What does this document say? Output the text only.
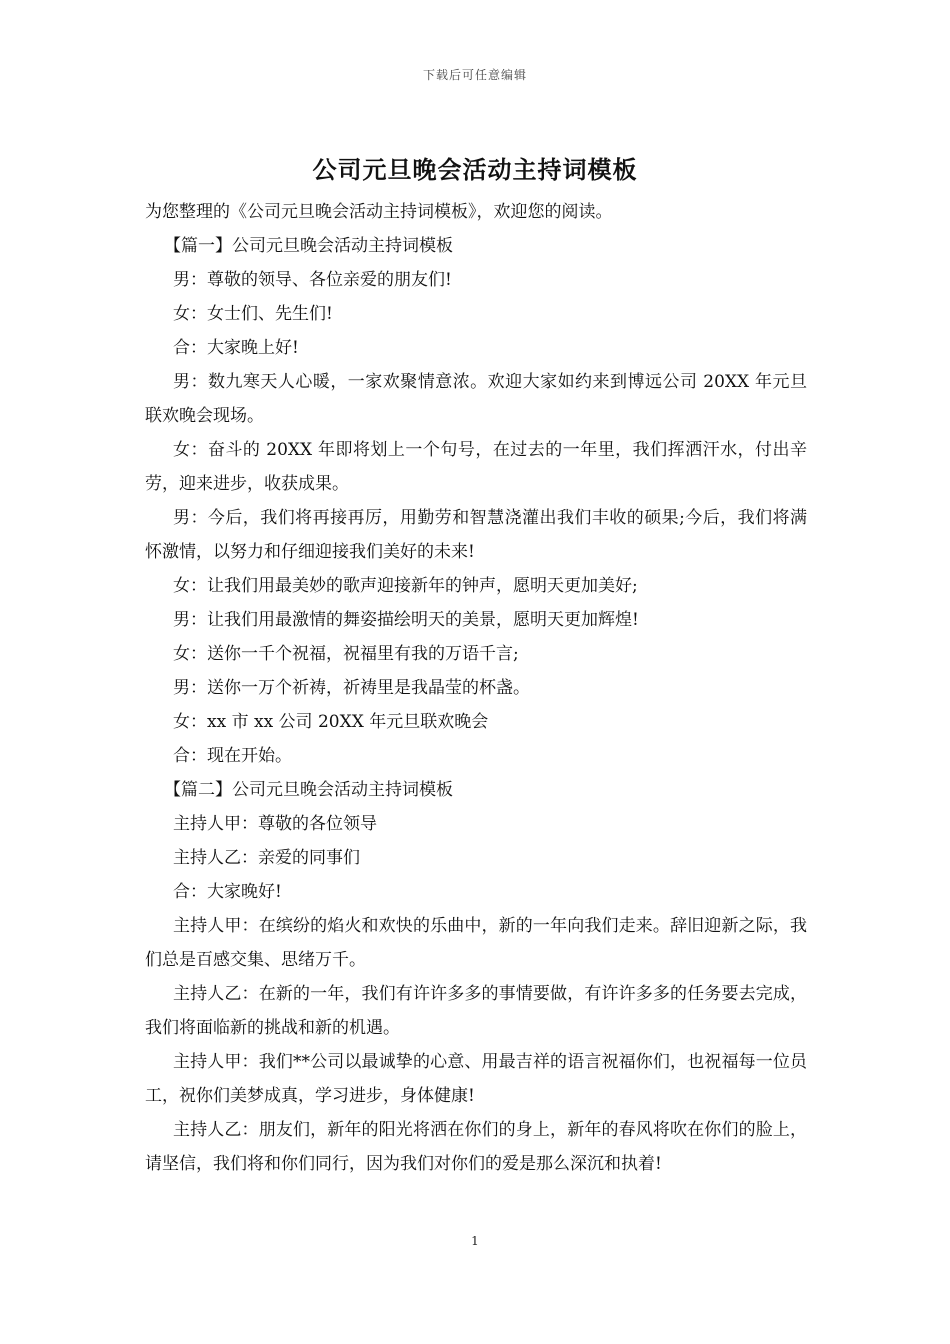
下载后可任意编辑
公司元旦晚会活动主持词模板

为您整理的《公司元旦晚会活动主持词模板》，欢迎您的阅读。

【篇一】公司元旦晚会活动主持词模板

男：尊敬的领导、各位亲爱的朋友们!

女：女士们、先生们!

合：大家晚上好!

男：数九寒天人心暖，一家欢聚情意浓。欢迎大家如约来到博远公司 20XX 年元旦联欢晚会现场。

女：奋斗的 20XX 年即将划上一个句号，在过去的一年里，我们挥洒汗水，付出辛劳，迎来进步，收获成果。

男：今后，我们将再接再厉，用勤劳和智慧浇灌出我们丰收的硕果;今后，我们将满怀激情，以努力和仔细迎接我们美好的未来!

女：让我们用最美妙的歌声迎接新年的钟声，愿明天更加美好;

男：让我们用最激情的舞姿描绘明天的美景，愿明天更加辉煌!

女：送你一千个祝福，祝福里有我的万语千言;

男：送你一万个祈祷，祈祷里是我晶莹的杯盏。

女：xx 市 xx 公司 20XX 年元旦联欢晚会

合：现在开始。

【篇二】公司元旦晚会活动主持词模板

主持人甲：尊敬的各位领导

主持人乙：亲爱的同事们

合：大家晚好!

主持人甲：在缤纷的焰火和欢快的乐曲中，新的一年向我们走来。辞旧迎新之际，我们总是百感交集、思绪万千。

主持人乙：在新的一年，我们有许许多多的事情要做，有许许多多的任务要去完成，我们将面临新的挑战和新的机遇。

主持人甲：我们**公司以最诚挚的心意、用最吉祥的语言祝福你们，也祝福每一位员工，祝你们美梦成真，学习进步，身体健康!

主持人乙：朋友们，新年的阳光将洒在你们的身上，新年的春风将吹在你们的脸上，请坚信，我们将和你们同行，因为我们对你们的爱是那么深沉和执着!

1
